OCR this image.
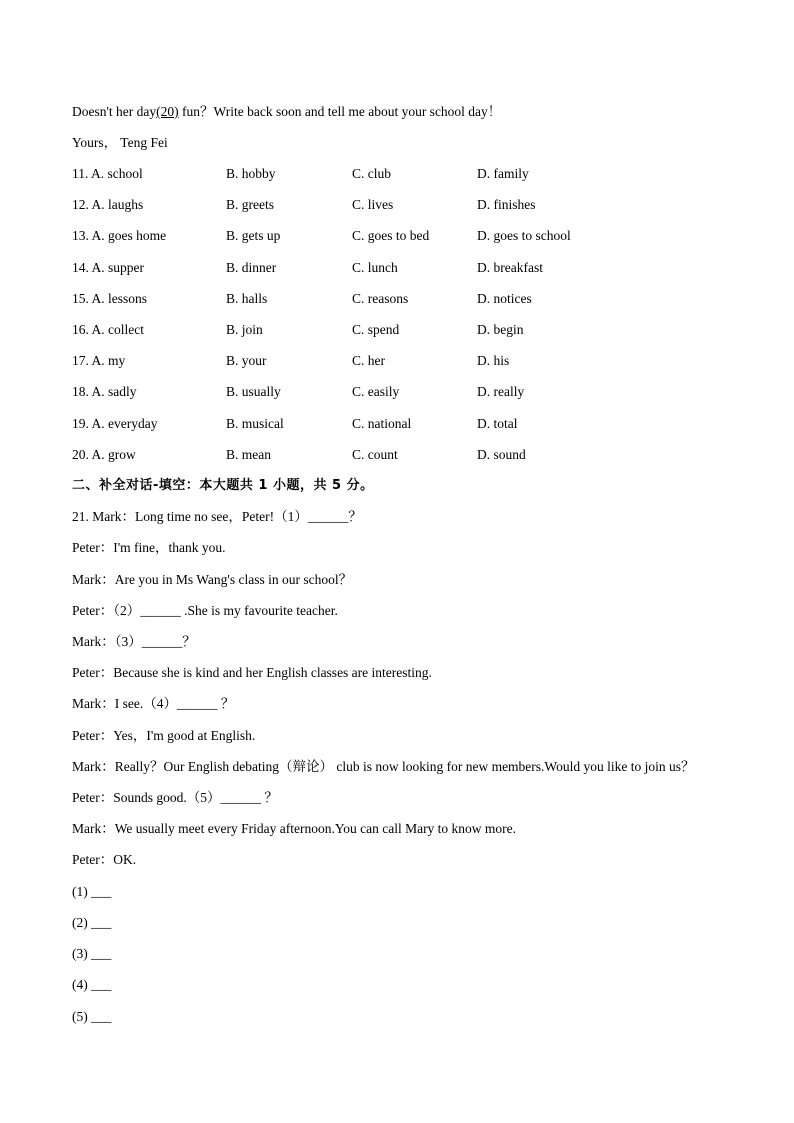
Doesn't her day(20) fun？Write back soon and tell me about your school day！
Yours， Teng Fei
11. A. school	B. hobby	C. club	D. family
12. A. laughs	B. greets	C. lives	D. finishes
13. A. goes home	B. gets up	C. goes to bed	D. goes to school
14. A. supper	B. dinner	C. lunch	D. breakfast
15. A. lessons	B. halls	C. reasons	D. notices
16. A. collect	B. join	C. spend	D. begin
17. A. my	B. your	C. her	D. his
18. A. sadly	B. usually	C. easily	D. really
19. A. everyday	B. musical	C. national	D. total
20. A. grow	B. mean	C. count	D. sound
二、补全对话-填空：本大题共 1 小题，共 5 分。
21. Mark：Long time no see，Peter!（1）______？
Peter：I'm fine，thank you.
Mark：Are you in Ms Wang's class in our school？
Peter：（2）______ .She is my favourite teacher.
Mark：（3）______？
Peter：Because she is kind and her English classes are interesting.
Mark：I see.（4）______ ？
Peter：Yes，I'm good at English.
Mark：Really？Our English debating（辩论） club is now looking for new members.Would you like to join us？
Peter：Sounds good.（5）______ ？
Mark：We usually meet every Friday afternoon.You can call Mary to know more.
Peter：OK.
(1) ___
(2) ___
(3) ___
(4) ___
(5) ___
